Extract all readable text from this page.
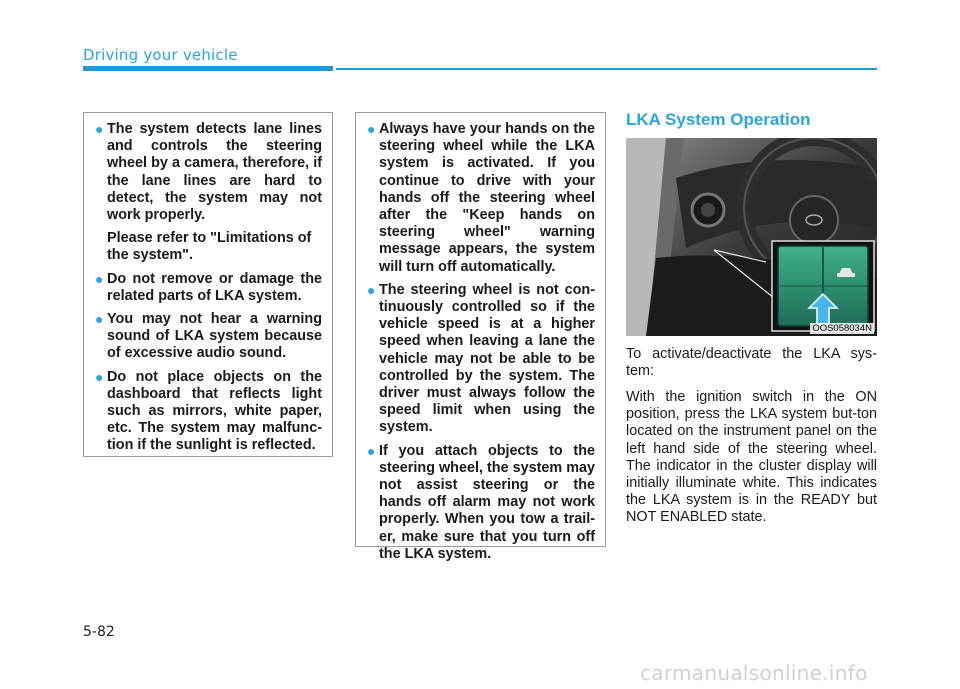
Driving your vehicle
● The system detects lane lines and controls the steering wheel by a camera, therefore, if the lane lines are hard to detect, the system may not work properly.
Please refer to "Limitations of the system".
● Do not remove or damage the related parts of LKA system.
● You may not hear a warning sound of LKA system because of excessive audio sound.
● Do not place objects on the dashboard that reflects light such as mirrors, white paper, etc. The system may malfunc-tion if the sunlight is reflected.
● Always have your hands on the steering wheel while the LKA system is activated. If you continue to drive with your hands off the steering wheel after the "Keep hands on steering wheel" warning message appears, the system will turn off automatically.
● The steering wheel is not con-tinuously controlled so if the vehicle speed is at a higher speed when leaving a lane the vehicle may not be able to be controlled by the system. The driver must always follow the speed limit when using the system.
● If you attach objects to the steering wheel, the system may not assist steering or the hands off alarm may not work properly. When you tow a trail-er, make sure that you turn off the LKA system.
LKA System Operation
OOS058034N

To activate/deactivate the LKA sys-tem:

With the ignition switch in the ON position, press the LKA system but-ton located on the instrument panel on the left hand side of the steering wheel. The indicator in the cluster display will initially illuminate white. This indicates the LKA system is in the READY but NOT ENABLED state.

5-82
carmanualsonline.info
